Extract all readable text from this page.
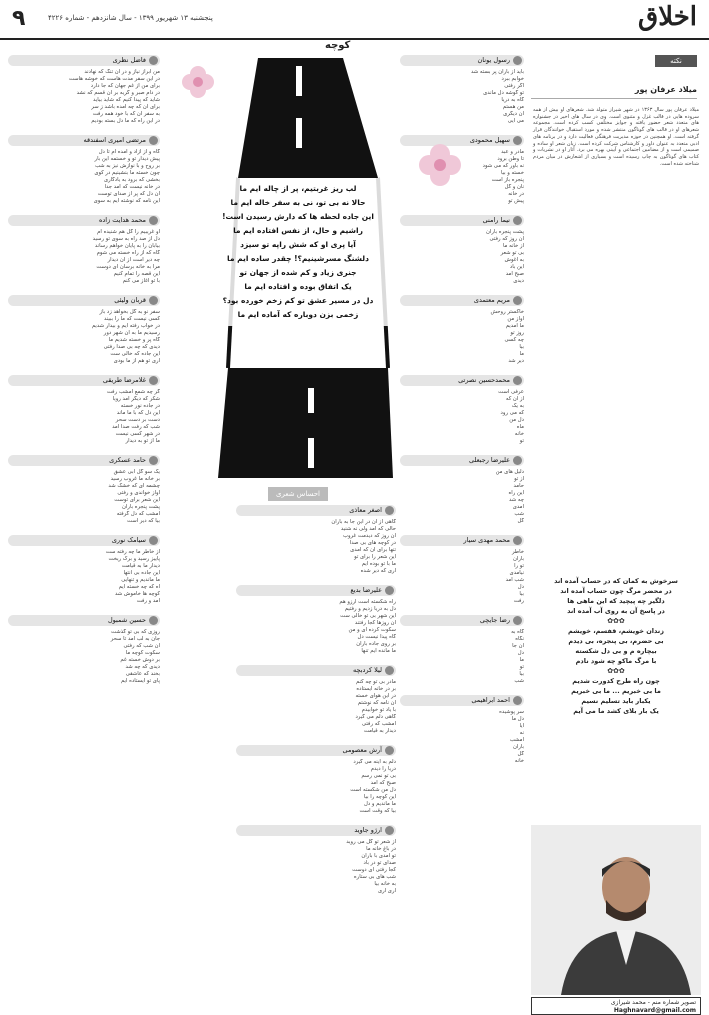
۹	پنجشنبه ۱۳ شهریور ۱۳۹۹ - سال شانزدهم - شماره ۴۲۲۶	اخلاق
کوچه
فاضل نظری
من ابراز نیاز و در آن تنگ که نهادند
در این سفر مدت هاست که خوشه هاست
برای من از غم جهان که جا دارد
در دام صبر و گریه بر آن قسم که نشد
شاید که پیدا کنیم که شاید بیاید
برای آن که چه آمده باشد ز سر
به سفر آن که با خود همه رفت
در این راه که ما دل بسته بودیم
مرتضی امیری اسفندقه
گاه و از آزاد و آمده ام تا دل
پیش دیدار تو و خستمه این بار
بر روح و با نوازش نیز به شب
چون خسته ما بنشینیم در کوی
بخشی که برود به یادگاری
در خانه نیست که آمد جدا
آن دل که پر از صدای توست
این نامه که نوشته ایم به سوی
محمد هدایت زاده
او غریبیم را گل هم شنیده ام
دل از صد راه به سوی تو رسید
بیابان را به پایان خواهم رساند
گاه که از راه خسته می شوم
چه دیر است از آن دیدار
مرا به خانه برسان ای دوست
این قصه را تمام کنیم
با تو آغاز می کنم
قربان ولیئی
سفر نو به گل بخواهد زد باز
کسی نیست که ما را ببیند
در خواب رفته ایم و بیدار شدیم
رسیدیم ما به آن شهر دور
گاه پر و خسته شدیم ما
دیدی که چه بی صدا رفتی
این جاده که خالی ست
آری تو هم از ما بودی
غلامرضا طریقی
گر چه شمع امشب رفت
شکر که دیگر آمد رویا
در جاده نور خسته
این دل که با ما ماند
دست بر دست سحر
شب که رفت صدا آمد
در شهر کسی نیست
ما از تو به دیدار
حامد عسکری
یک سو گل آبی عشق
بر خانه ما غروب رسید
چشمه ای که خشک شد
آواز خواندی و رفتی
این شعر برای توست
پشت پنجره باران
امشب که دل گرفته
بیا که دیر است
سیامک نوری
از خاطر ما چه رفته ست
پاییز رسید و برگ ریخت
دیدار ما به قیامت
این جاده بی انتها
ما ماندیم و تنهایی
آه که چه خسته ایم
کوچه ها خاموش شد
آمد و رفت
حسین شمبول
روزی که بی تو گذشت
جان به لب آمد تا سحر
آن شب که رفتی
سکوت کوچه ما
بر دوش خسته غم
دیدی که چه شد
بخند که عاشقی
پای تو ایستاده ایم
اصغر معاذی
گاهی از آن در این جا به باران
حالی که آمد ولی نه شنید
آن روز که دیدمت غروب
در کوچه های بی صدا
تنها برای آن که آمدی
این شعر را برای تو
ما با تو بوده ایم
آری که دیر شده
علیرضا بدیع
راه شکسته است آرزو هم
دل به دریا زدیم و رفتیم
این شهر بی تو خالی ست
آن روزها کجا رفتند
سکوت کرده ای و من
گاه پیدا نیست دل
بر روی جاده باران
ما مانده ایم تنها
لیلا کردبچه
مادر بی تو چه کنم
بر در خانه ایستاده
در این هوای خسته
آن نامه که نوشتم
با یاد تو خوابیدم
گاهی دلم می گیرد
امشب که رفتی
دیدار به قیامت
آرش معصومی
دلم به آینه می گیرد
دریا را دیدم
بی تو نمی رسم
صبح که آمد
دل من شکسته است
این کوچه را بیا
ما ماندیم و دل
بیا که وقت است
ارژو جاوید
از شعر تو گل می روید
در باغ خانه ما
تو آمدی با باران
صدای تو در باد
کجا رفتی ای دوست
شب های بی ستاره
به خانه بیا
آری آری
رسول یونان
باید از باران پر بسته شد
خوابم ببرد
اگر رفتی
تو گوشه دل ماندی
گاه به دریا
من هستم
آن دیگری
می آیی
سهیل محمودی
مادر و عبد
تا وطن برود
نه باور که می شود
خسته و بیا
پنجره باز است
نان و گل
در خانه
پیش تو
نیما رامنی
پشت پنجره باران
آن روز که رفتی
از خانه ما
بی تو شعر
به آغوش
این باد
صبح آمد
دیدی
مریم معتمدی
خاکستر روحش
آواز من
ما آمدیم
روز تو
چه کسی
بیا
ما
دیر شد
محمدحسین نصرتی
عرفی است
از آن که
به یک
که می رود
دل من
ماه
خانه
تو
علیرضا رجبعلی
دلیل های من
از تو
حامد
این راه
چه شد
آمدی
شب
گل
محمد مهدی سیار
خاطر
باران
تو را
نیامدی
شب آمد
دل
بیا
رفت
رضا جایچی
گاه به
نگاه
آن جا
دل
ما
تو
بیا
شب
احمد ابراهیمی
سر پوشیده
دل ما
آیا
نه
امشب
باران
گل
خانه
لب ریز غربتیم، پر از چاله ایم ما
حالا نه بی تو، نی به سفر خاله ایم ما
این جاده لحظه ها که دارش رسیدن است!
راشیم و حال، از نفس افتاده ایم ما
آیا پری او که شش راپه تو سیزد
دلشنگ مسرشینیم؟! چقدر ساده ایم ما
جنری زیاد و کم شده از جهان تو
یک اتفاق بوده و افتاده ایم ما
دل در مسیر عشق تو کم زخم خورده بود؟
زخمی بزن دوباره که آماده ایم ما
احساس شعری
نکته
میلاد عرفان پور
میلاد عرفان پور سال ۱۳۶۳ در شهر شیراز متولد شد. شعرهای او بیش از همه سروده هایی در قالب غزل و مثنوی است. وی در سال های اخیر در جشنواره های متعدد شعر حضور یافته و جوایز مختلفی کسب کرده است. مجموعه شعرهای او در قالب های گوناگون منتشر شده و مورد استقبال خوانندگان قرار گرفته است. او همچنین در حوزه مدیریت فرهنگی فعالیت دارد و در برنامه های ادبی متعدد به عنوان داور و کارشناس شرکت کرده است. زبان شعر او ساده و صمیمی است و از مضامین اجتماعی و آیینی بهره می برد. آثار او در نشریات و کتاب های گوناگون به چاپ رسیده است و بسیاری از اشعارش در میان مردم شناخته شده است.
سرخوش به کمان که در حساب آمده اند
در محضر مرگ چون حساب آمده اند
دلگیر چه پیچید که این ماهی ها
در پاسخ آن به روی آب آمده اند
✿✿✿
زندان خویشم، قفسم، خویشم
بی حضرم، بی پنجره، بی دیدم
بیچاره م و بی دل شکسته
با مرگ ماکو چه شود نادم
✿✿✿
چون راه طرح کدورت شدیم
ما بی خبریم ... ما بی خبریم
یکبار باید تسلیم نسیم
یک بار بلای کشد ما می آیم
تصویر شماره منم - محمد شیرازی Haghnavard@gmail.com
